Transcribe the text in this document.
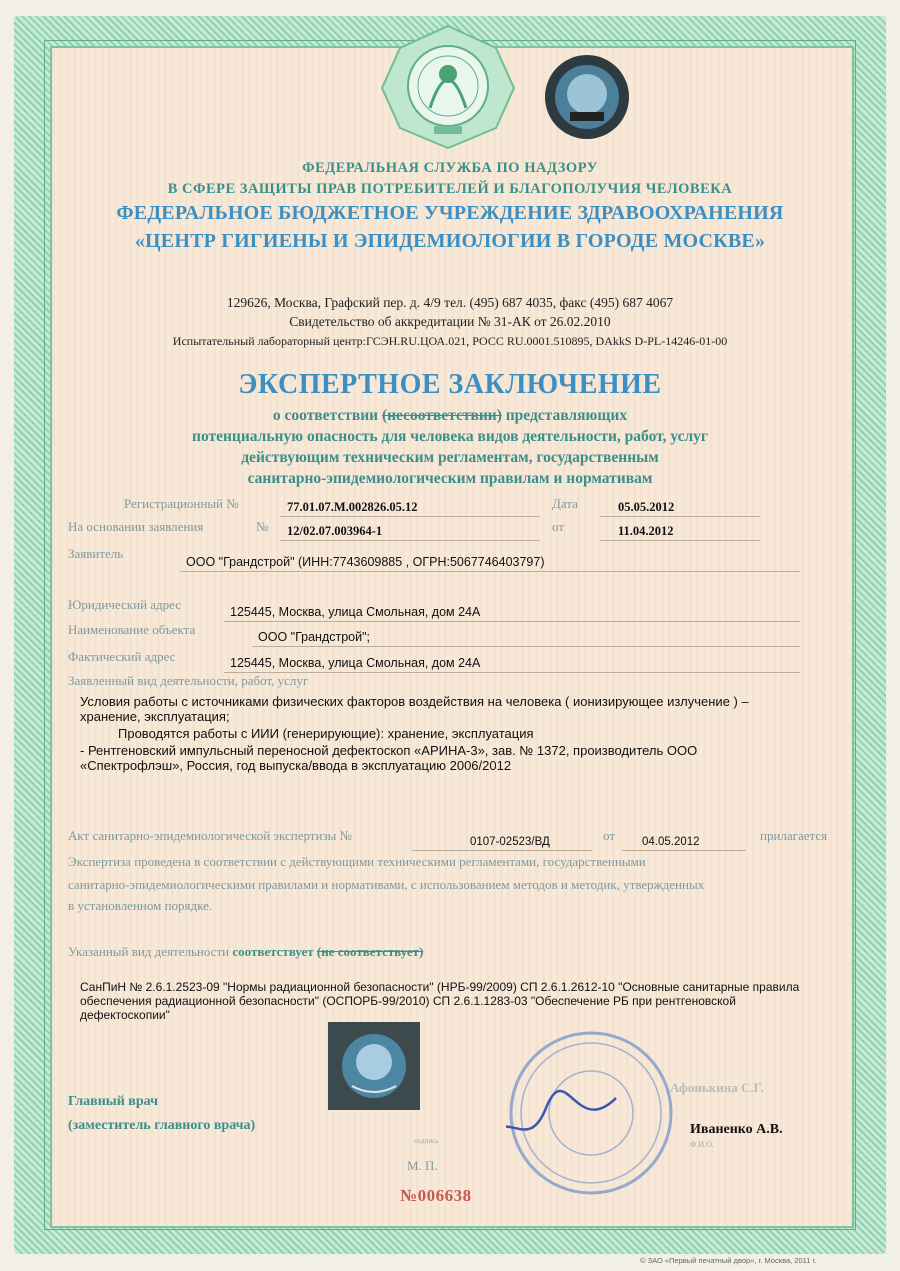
ФЕДЕРАЛЬНАЯ СЛУЖБА ПО НАДЗОРУ
В СФЕРЕ ЗАЩИТЫ ПРАВ ПОТРЕБИТЕЛЕЙ И БЛАГОПОЛУЧИЯ ЧЕЛОВЕКА
ФЕДЕРАЛЬНОЕ БЮДЖЕТНОЕ УЧРЕЖДЕНИЕ ЗДРАВООХРАНЕНИЯ
«ЦЕНТР ГИГИЕНЫ И ЭПИДЕМИОЛОГИИ В ГОРОДЕ МОСКВЕ»
129626, Москва, Графский пер. д. 4/9 тел. (495) 687 4035, факс (495) 687 4067
Свидетельство об аккредитации № 31-АК от 26.02.2010
Испытательный лабораторный центр:ГСЭН.RU.ЦОА.021, РОСС RU.0001.510895, DAkkS D-PL-14246-01-00
ЭКСПЕРТНОЕ ЗАКЛЮЧЕНИЕ
о соответствии (несоответствии) представляющих
потенциальную опасность для человека видов деятельности, работ, услуг
действующим техническим регламентам, государственным
санитарно-эпидемиологическим правилам и нормативам
Регистрационный №	77.01.07.М.002826.05.12	Дата	05.05.2012
На основании заявления	№ 12/02.07.003964-1	от	11.04.2012
Заявитель
ООО "Грандстрой" (ИНН:7743609885 , ОГРН:5067746403797)
Юридический адрес	125445, Москва, улица Смольная, дом 24А
Наименование объекта	ООО "Грандстрой";
Фактический адрес	125445, Москва, улица Смольная, дом 24А
Заявленный вид деятельности, работ, услуг
Условия работы с источниками физических факторов воздействия на человека ( ионизирующее излучение ) –
хранение, эксплуатация;
Проводятся работы с ИИИ (генерирующие): хранение, эксплуатация
- Рентгеновский импульсный переносной дефектоскоп «АРИНА-3», зав. № 1372, производитель ООО
«Спектрофлэш», Россия, год выпуска/ввода в эксплуатацию 2006/2012
Акт санитарно-эпидемиологической экспертизы №	0107-02523/ВД	от 04.05.2012	прилагается
Экспертиза проведена в соответствии с действующими техническими регламентами, государственными
санитарно-эпидемиологическими правилами и нормативами, с использованием методов и методик, утвержденных
в установленном порядке.
Указанный вид деятельности соответствует (не соответствует)
СанПиН № 2.6.1.2523-09 "Нормы радиационной безопасности" (НРБ-99/2009) СП 2.6.1.2612-10 "Основные санитарные правила
обеспечения радиационной безопасности" (ОСПОРБ-99/2010) СП 2.6.1.1283-03 "Обеспечение РБ при рентгеновской
дефектоскопии"
Главный врач
(заместитель главного врача)
Афонькина С.Г.
Иваненко А.В.
Ф.И.О.
подпись
М. П.
№006638
© ЗАО «Первый печатный двор», г. Москва, 2011 г.
